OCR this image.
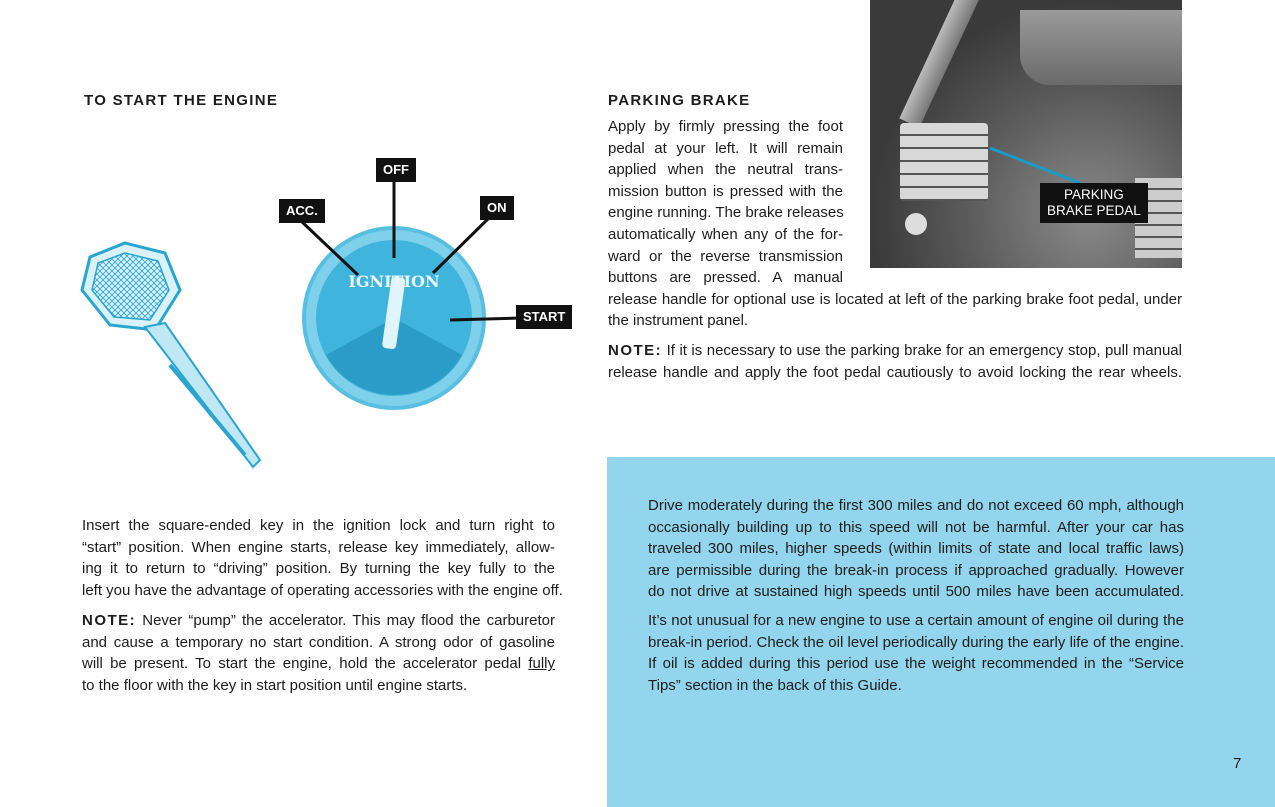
TO START THE ENGINE
IGNITION
OFF
ACC.	ON
START
Insert the square-ended key in the ignition lock and turn right to
“start” position. When engine starts, release key immediately, allow-
ing it to return to “driving” position. By turning the key fully to the
left you have the advantage of operating accessories with the engine off.
NOTE: Never “pump” the accelerator. This may flood the carburetor
and cause a temporary no start condition. A strong odor of gasoline
will be present. To start the engine, hold the accelerator pedal fully
to the floor with the key in start position until engine starts.
PARKING BRAKE
PARKING
BRAKE PEDAL
Apply by firmly pressing the foot
pedal at your left. It will remain
applied when the neutral trans-
mission button is pressed with the
engine running. The brake releases
automatically when any of the for-
ward or the reverse transmission
buttons are pressed. A manual
release handle for optional use is located at left of the parking brake foot pedal, under
the instrument panel.
NOTE: If it is necessary to use the parking brake for an emergency stop, pull manual
release handle and apply the foot pedal cautiously to avoid locking the rear wheels.
Drive moderately during the first 300 miles and do not exceed 60 mph, although
occasionally building up to this speed will not be harmful. After your car has
traveled 300 miles, higher speeds (within limits of state and local traffic laws)
are permissible during the break-in process if approached gradually. However
do not drive at sustained high speeds until 500 miles have been accumulated.
It’s not unusual for a new engine to use a certain amount of engine oil during the
break-in period. Check the oil level periodically during the early life of the engine.
If oil is added during this period use the weight recommended in the “Service
Tips” section in the back of this Guide.
7
